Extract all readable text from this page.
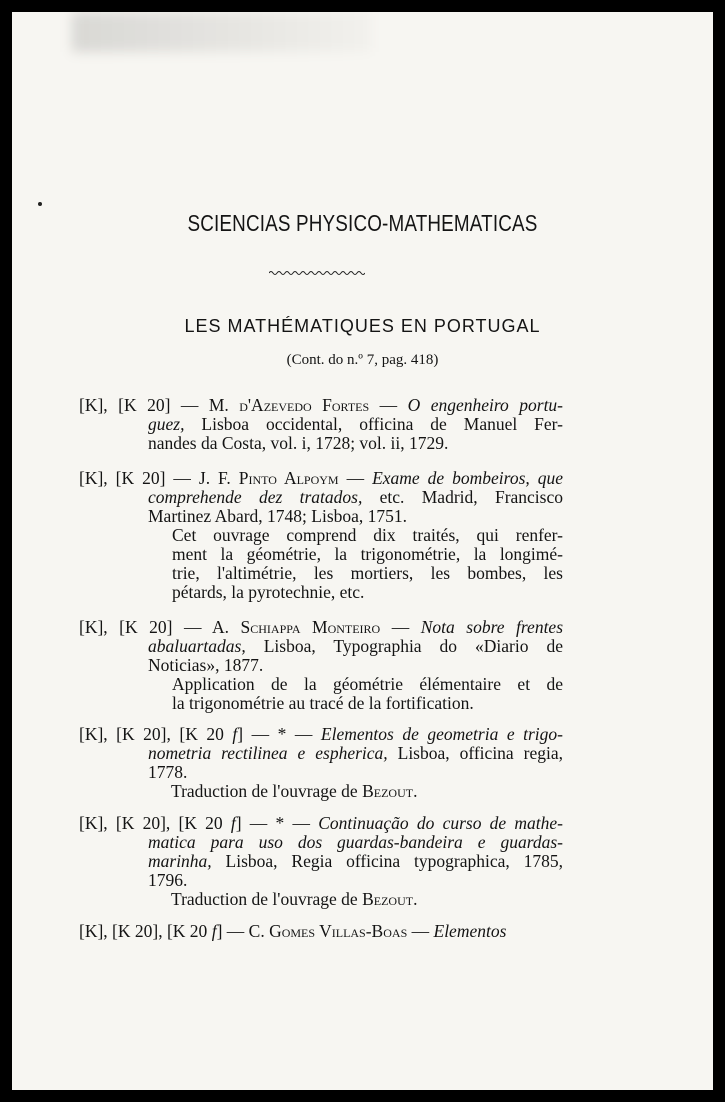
SCIENCIAS PHYSICO-MATHEMATICAS
LES MATHÉMATIQUES EN PORTUGAL
(Cont. do n.º 7, pag. 418)
[K], [K 20] — M. d'Azevedo Fortes — O engenheiro portu-
guez, Lisboa occidental, officina de Manuel Fer-
nandes da Costa, vol. i, 1728; vol. ii, 1729.
[K], [K 20] — J. F. Pinto Alpoym — Exame de bombeiros, que
comprehende dez tratados, etc. Madrid, Francisco
Martinez Abard, 1748; Lisboa, 1751.
Cet ouvrage comprend dix traités, qui renfer-
ment la géométrie, la trigonométrie, la longimé-
trie, l'altimétrie, les mortiers, les bombes, les
pétards, la pyrotechnie, etc.
[K], [K 20] — A. Schiappa Monteiro — Nota sobre frentes
abaluartadas, Lisboa, Typographia do «Diario de
Noticias», 1877.
Application de la géométrie élémentaire et de
la trigonométrie au tracé de la fortification.
[K], [K 20], [K 20 f] — * — Elementos de geometria e trigo-
nometria rectilinea e espherica, Lisboa, officina regia,
1778.
Traduction de l'ouvrage de Bezout.
[K], [K 20], [K 20 f] — * — Continuação do curso de mathe-
matica para uso dos guardas-bandeira e guardas-
marinha, Lisboa, Regia officina typographica, 1785,
1796.
Traduction de l'ouvrage de Bezout.
[K], [K 20], [K 20 f] — C. Gomes Villas-Boas — Elementos
